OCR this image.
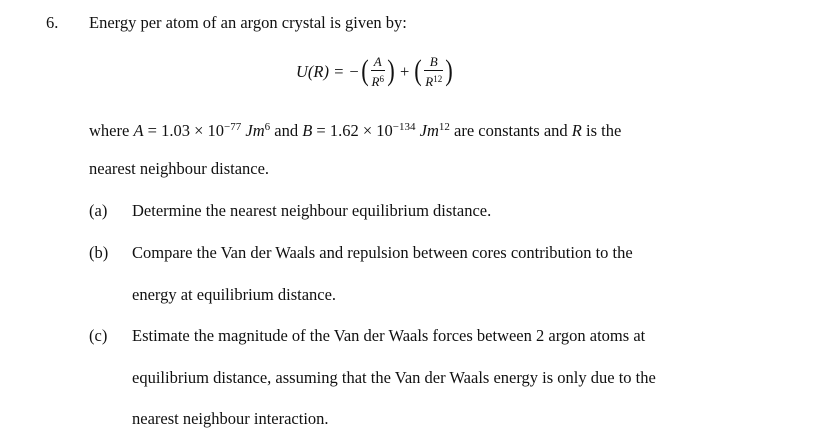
6. Energy per atom of an argon crystal is given by:
U(R) = − ( $\frac{A}{R^6}$ ) + ( $\frac{B}{R^{12}}$ )
where $A = 1.03 \times 10^{-77}$ Jm$^6$ and $B = 1.62 \times 10^{-134}$ Jm$^{12}$ are constants and R is the
nearest neighbour distance.
(a) Determine the nearest neighbour equilibrium distance.
(b) Compare the Van der Waals and repulsion between cores contribution to the
energy at equilibrium distance.
(c) Estimate the magnitude of the Van der Waals forces between 2 argon atoms at
equilibrium distance, assuming that the Van der Waals energy is only due to the
nearest neighbour interaction.
